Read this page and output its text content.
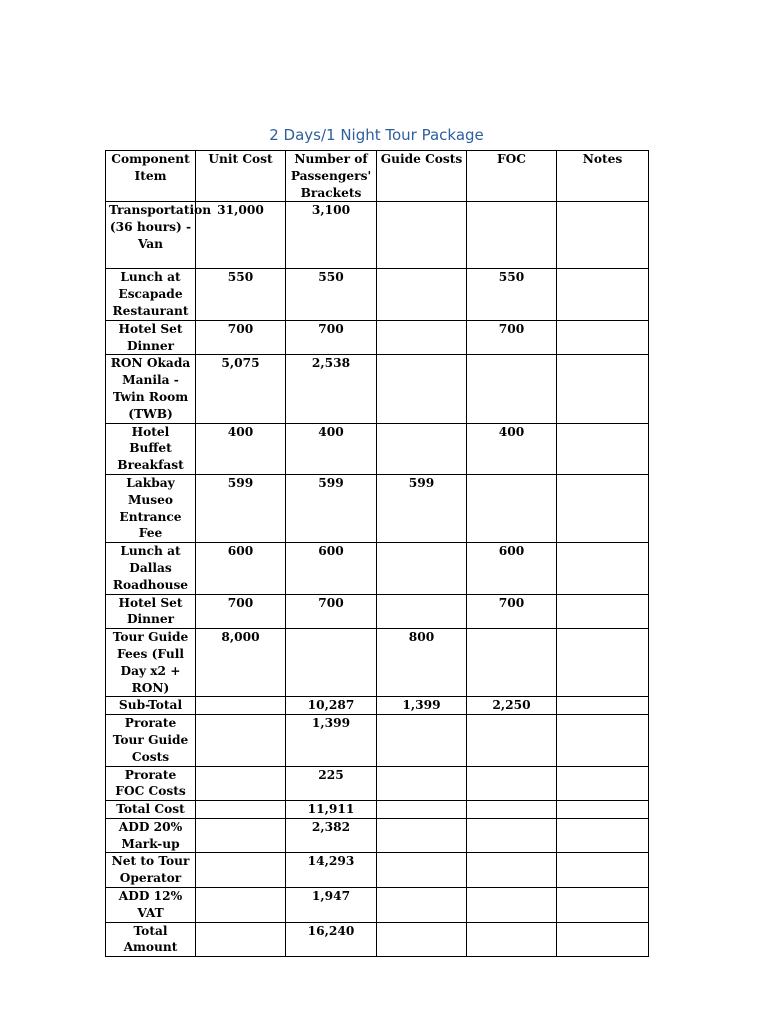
2 Days/1 Night Tour Package
Component Item	Unit Cost	Number of Passengers' Brackets	Guide Costs	FOC	Notes
Transportation (36 hours) - Van	31,000	3,100			
Lunch at Escapade Restaurant	550	550		550	
Hotel Set Dinner	700	700		700	
RON Okada Manila - Twin Room (TWB)	5,075	2,538			
Hotel Buffet Breakfast	400	400		400	
Lakbay Museo Entrance Fee	599	599	599		
Lunch at Dallas Roadhouse	600	600		600	
Hotel Set Dinner	700	700		700	
Tour Guide Fees (Full Day x2 + RON)	8,000		800		
Sub-Total		10,287	1,399	2,250	
Prorate Tour Guide Costs		1,399			
Prorate FOC Costs		225			
Total Cost		11,911			
ADD 20% Mark-up		2,382			
Net to Tour Operator		14,293			
ADD 12% VAT		1,947			
Total Amount		16,240			
